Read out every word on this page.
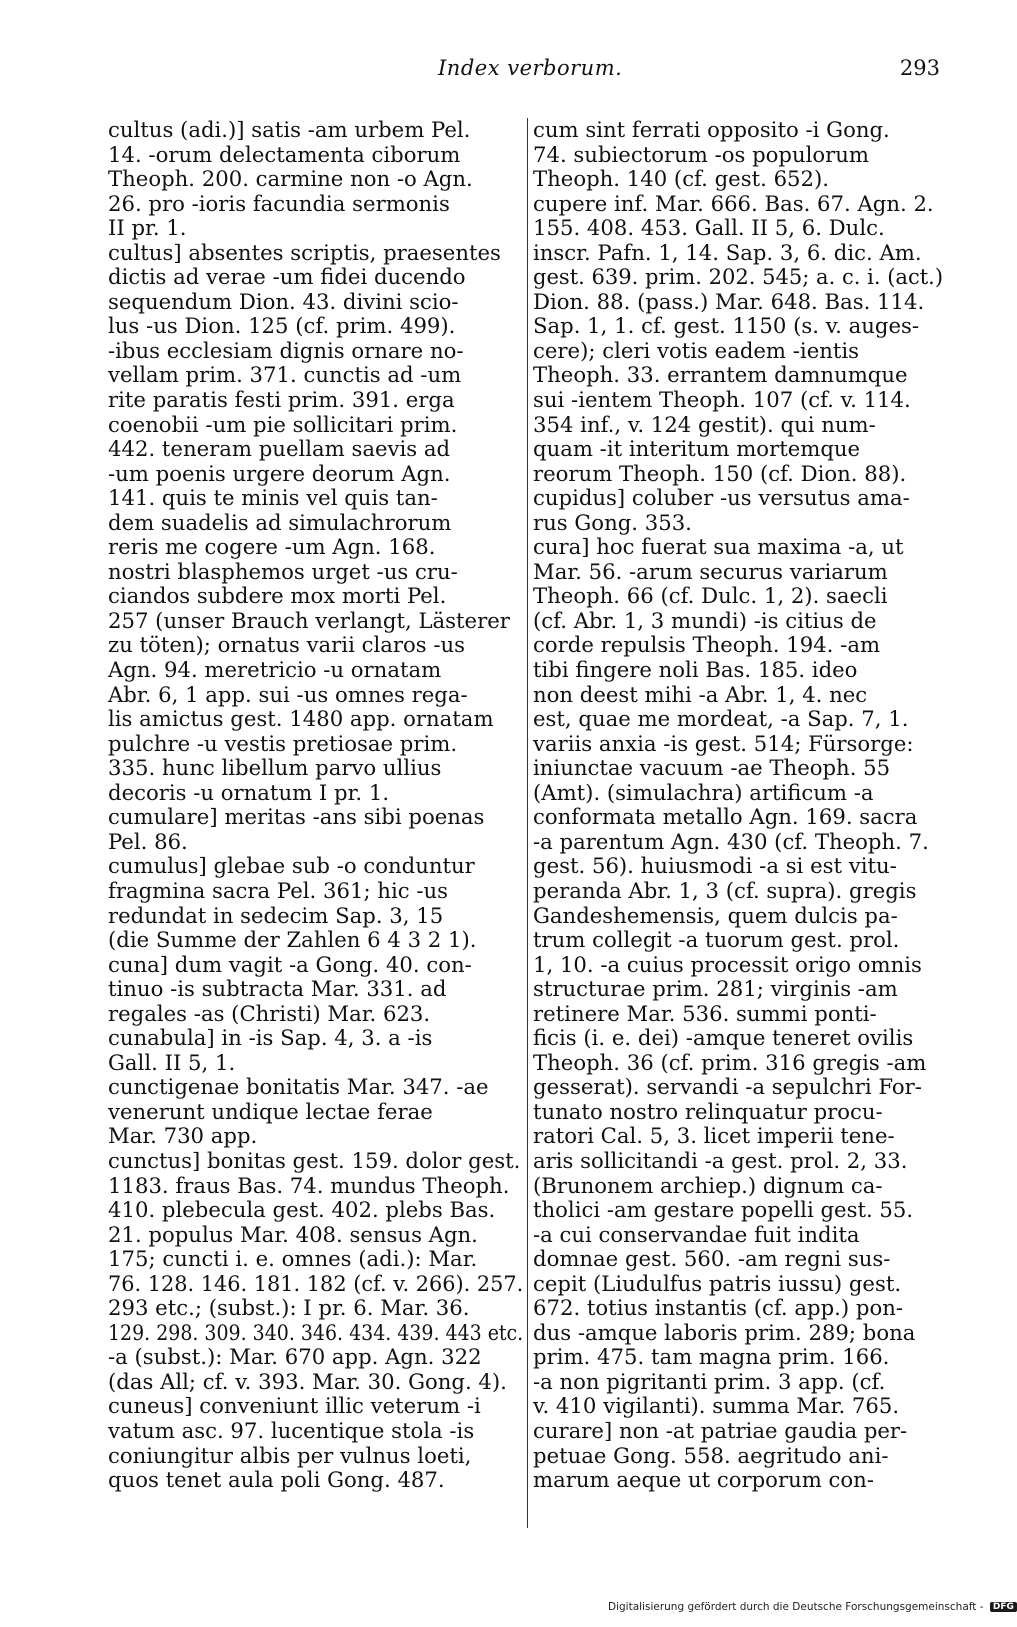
Index verborum.	293
cultus (adi.)] satis -am urbem Pel.
14. -orum delectamenta ciborum
Theoph. 200. carmine non -o Agn.
26. pro -ioris facundia sermonis
II pr. 1.
cultus] absentes scriptis, praesentes
dictis ad verae -um fidei ducendo
sequendum Dion. 43. divini scio-
lus -us Dion. 125 (cf. prim. 499).
-ibus ecclesiam dignis ornare no-
vellam prim. 371. cunctis ad -um
rite paratis festi prim. 391. erga
coenobii -um pie sollicitari prim.
442. teneram puellam saevis ad
-um poenis urgere deorum Agn.
141. quis te minis vel quis tan-
dem suadelis ad simulachrorum
reris me cogere -um Agn. 168.
nostri blasphemos urget -us cru-
ciandos subdere mox morti Pel.
257 (unser Brauch verlangt, Lästerer
zu töten); ornatus varii claros -us
Agn. 94. meretricio -u ornatam
Abr. 6, 1 app. sui -us omnes rega-
lis amictus gest. 1480 app. ornatam
pulchre -u vestis pretiosae prim.
335. hunc libellum parvo ullius
decoris -u ornatum I pr. 1.
cumulare] meritas -ans sibi poenas
Pel. 86.
cumulus] glebae sub -o conduntur
fragmina sacra Pel. 361; hic -us
redundat in sedecim Sap. 3, 15
(die Summe der Zahlen 6 4 3 2 1).
cuna] dum vagit -a Gong. 40. con-
tinuo -is subtracta Mar. 331. ad
regales -as (Christi) Mar. 623.
cunabula] in -is Sap. 4, 3. a -is
Gall. II 5, 1.
cunctigenae bonitatis Mar. 347. -ae
venerunt undique lectae ferae
Mar. 730 app.
cunctus] bonitas gest. 159. dolor gest.
1183. fraus Bas. 74. mundus Theoph.
410. plebecula gest. 402. plebs Bas.
21. populus Mar. 408. sensus Agn.
175; cuncti i. e. omnes (adi.): Mar.
76. 128. 146. 181. 182 (cf. v. 266). 257.
293 etc.; (subst.): I pr. 6. Mar. 36.
129. 298. 309. 340. 346. 434. 439. 443 etc.
-a (subst.): Mar. 670 app. Agn. 322
(das All; cf. v. 393. Mar. 30. Gong. 4).
cuneus] conveniunt illic veterum -i
vatum asc. 97. lucentique stola -is
coniungitur albis per vulnus loeti,
quos tenet aula poli Gong. 487.
cum sint ferrati opposito -i Gong.
74. subiectorum -os populorum
Theoph. 140 (cf. gest. 652).
cupere inf. Mar. 666. Bas. 67. Agn. 2.
155. 408. 453. Gall. II 5, 6. Dulc.
inscr. Pafn. 1, 14. Sap. 3, 6. dic. Am.
gest. 639. prim. 202. 545; a. c. i. (act.)
Dion. 88. (pass.) Mar. 648. Bas. 114.
Sap. 1, 1. cf. gest. 1150 (s. v. auges-
cere); cleri votis eadem -ientis
Theoph. 33. errantem damnumque
sui -ientem Theoph. 107 (cf. v. 114.
354 inf., v. 124 gestit). qui num-
quam -it interitum mortemque
reorum Theoph. 150 (cf. Dion. 88).
cupidus] coluber -us versutus ama-
rus Gong. 353.
cura] hoc fuerat sua maxima -a, ut
Mar. 56. -arum securus variarum
Theoph. 66 (cf. Dulc. 1, 2). saecli
(cf. Abr. 1, 3 mundi) -is citius de
corde repulsis Theoph. 194. -am
tibi fingere noli Bas. 185. ideo
non deest mihi -a Abr. 1, 4. nec
est, quae me mordeat, -a Sap. 7, 1.
variis anxia -is gest. 514; Fürsorge:
iniunctae vacuum -ae Theoph. 55
(Amt). (simulachra) artificum -a
conformata metallo Agn. 169. sacra
-a parentum Agn. 430 (cf. Theoph. 7.
gest. 56). huiusmodi -a si est vitu-
peranda Abr. 1, 3 (cf. supra). gregis
Gandeshemensis, quem dulcis pa-
trum collegit -a tuorum gest. prol.
1, 10. -a cuius processit origo omnis
structurae prim. 281; virginis -am
retinere Mar. 536. summi ponti-
ficis (i. e. dei) -amque teneret ovilis
Theoph. 36 (cf. prim. 316 gregis -am
gesserat). servandi -a sepulchri For-
tunato nostro relinquatur procu-
ratori Cal. 5, 3. licet imperii tene-
aris sollicitandi -a gest. prol. 2, 33.
(Brunonem archiep.) dignum ca-
tholici -am gestare popelli gest. 55.
-a cui conservandae fuit indita
domnae gest. 560. -am regni sus-
cepit (Liudulfus patris iussu) gest.
672. totius instantis (cf. app.) pon-
dus -amque laboris prim. 289; bona
prim. 475. tam magna prim. 166.
-a non pigritanti prim. 3 app. (cf.
v. 410 vigilanti). summa Mar. 765.
curare] non -at patriae gaudia per-
petuae Gong. 558. aegritudo ani-
marum aeque ut corporum con-
Digitalisierung gefördert durch die Deutsche Forschungsgemeinschaft - DFG
